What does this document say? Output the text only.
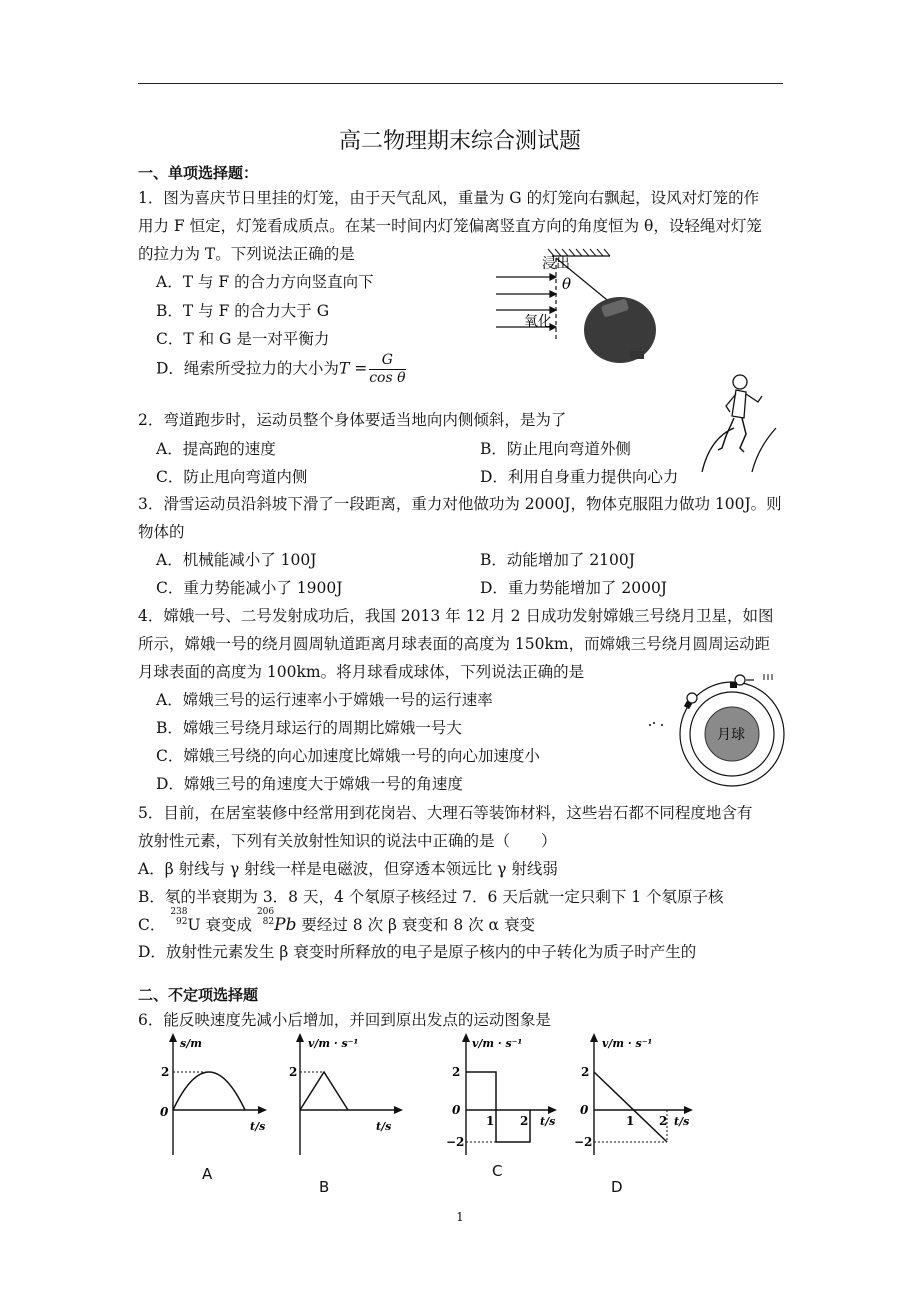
高二物理期末综合测试题
一、单项选择题：
1．图为喜庆节日里挂的灯笼，由于天气乱风，重量为 G 的灯笼向右飘起，设风对灯笼的作
用力 F 恒定，灯笼看成质点。在某一时间内灯笼偏离竖直方向的角度恒为 θ，设轻绳对灯笼
的拉力为 T。下列说法正确的是
A．T 与 F 的合力方向竖直向下
B．T 与 F 的合力大于 G
C．T 和 G 是一对平衡力
D．绳索所受拉力的大小为$T = \frac{G}{\text{cos θ}}$
浸出
氧化
θ
2．弯道跑步时，运动员整个身体要适当地向内侧倾斜，是为了
A．提高跑的速度	B．防止甩向弯道外侧
C．防止甩向弯道内侧	D．利用自身重力提供向心力
3．滑雪运动员沿斜坡下滑了一段距离，重力对他做功为 2000J，物体克服阻力做功 100J。则
物体的
A．机械能减小了 100J	B．动能增加了 2100J
C．重力势能减小了 1900J	D．重力势能增加了 2000J
4．嫦娥一号、二号发射成功后，我国 2013 年 12 月 2 日成功发射嫦娥三号绕月卫星，如图
所示，嫦娥一号的绕月圆周轨道距离月球表面的高度为 150km，而嫦娥三号绕月圆周运动距
月球表面的高度为 100km。将月球看成球体，下列说法正确的是
A．嫦娥三号的运行速率小于嫦娥一号的运行速率
B．嫦娥三号绕月球运行的周期比嫦娥一号大
C．嫦娥三号绕的向心加速度比嫦娥一号的向心加速度小
D．嫦娥三号的角速度大于嫦娥一号的角速度
月球
5．目前，在居室装修中经常用到花岗岩、大理石等装饰材料，这些岩石都不同程度地含有
放射性元素，下列有关放射性知识的说法中正确的是（　　）
A．β 射线与 γ 射线一样是电磁波，但穿透本领远比 γ 射线弱
B．氡的半衰期为 3．8 天，4 个氡原子核经过 7．6 天后就一定只剩下 1 个氡原子核
C．
238
92 U 衰变成
206
82 Pb 要经过 8 次 β 衰变和 8 次 α 衰变
D．放射性元素发生 β 衰变时所释放的电子是原子核内的中子转化为质子时产生的
二、不定项选择题
6．能反映速度先减小后增加，并回到原出发点的运动图象是
s/m
2
0
t/s
A
v/m · s⁻¹
2
t/s
B
v/m · s⁻¹
2
0
−2
1 2 t/s
C
v/m · s⁻¹
2
0
−2
1 2 t/s
D
1
